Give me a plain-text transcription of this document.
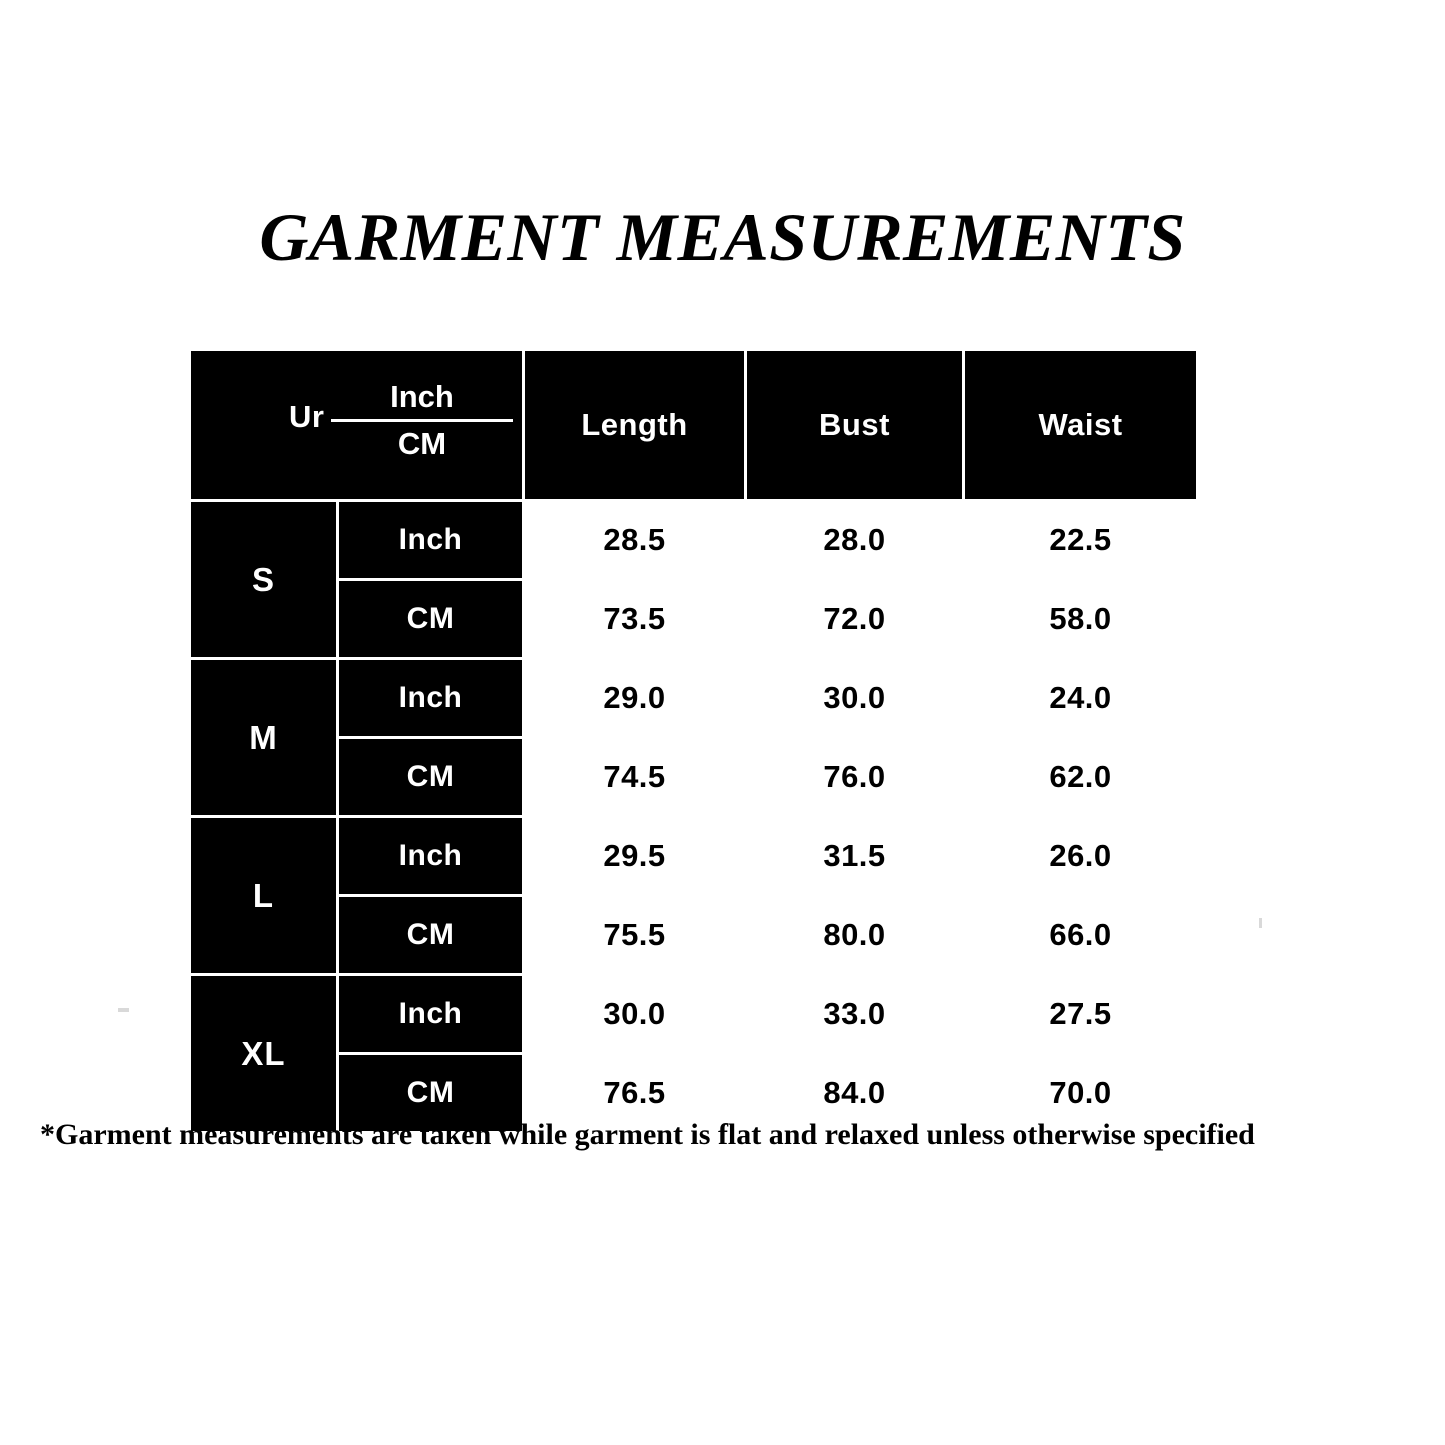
GARMENT MEASUREMENTS
Ur
Inch
CM		Length	Bust	Waist
S	Inch	28.5	28.0	22.5
	CM	73.5	72.0	58.0
M	Inch	29.0	30.0	24.0
	CM	74.5	76.0	62.0
L	Inch	29.5	31.5	26.0
	CM	75.5	80.0	66.0
XL	Inch	30.0	33.0	27.5
	CM	76.5	84.0	70.0
*Garment measurements are taken while garment is flat and relaxed unless otherwise specified
